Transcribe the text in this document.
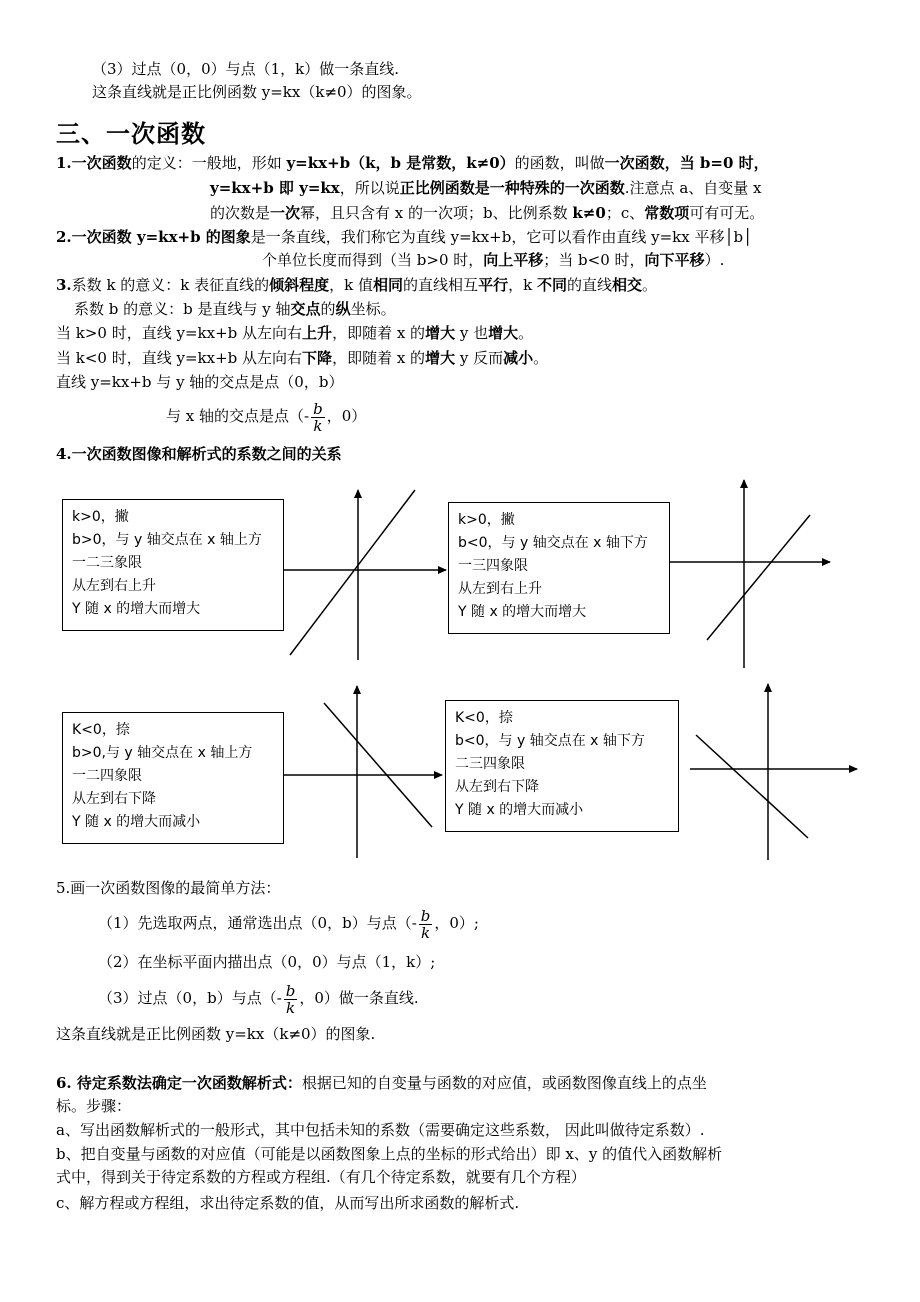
（3）过点（0，0）与点（1，k）做一条直线.
这条直线就是正比例函数 y=kx（k≠0）的图象。
三、一次函数
1.一次函数的定义：一般地，形如 y=kx+b（k，b 是常数，k≠0）的函数，叫做一次函数，当 b=0 时，
y=kx+b 即 y=kx，所以说正比例函数是一种特殊的一次函数.注意点 a、自变量 x
的次数是一次幂，且只含有 x 的一次项；b、比例系数 k≠0；c、常数项可有可无。
2.一次函数 y=kx+b 的图象是一条直线，我们称它为直线 y=kx+b，它可以看作由直线 y=kx 平移│b│
个单位长度而得到（当 b>0 时，向上平移；当 b<0 时，向下平移）.
3.系数 k 的意义：k 表征直线的倾斜程度，k 值相同的直线相互平行，k 不同的直线相交。
系数 b 的意义：b 是直线与 y 轴交点的纵坐标。
当 k>0 时，直线 y=kx+b 从左向右上升，即随着 x 的增大 y 也增大。
当 k<0 时，直线 y=kx+b 从左向右下降，即随着 x 的增大 y 反而减小。
直线 y=kx+b 与 y 轴的交点是点（0，b）
与 x 轴的交点是点（- $\frac{b}{k}$ ，0）
4.一次函数图像和解析式的系数之间的关系
k>0，撇
b>0，与 y 轴交点在 x 轴上方
一二三象限
从左到右上升
Y 随 x 的增大而增大
k>0，撇
b<0，与 y 轴交点在 x 轴下方
一三四象限
从左到右上升
Y 随 x 的增大而增大
K<0，捺
b>0,与 y 轴交点在 x 轴上方
一二四象限
从左到右下降
Y 随 x 的增大而减小
K<0，捺
b<0，与 y 轴交点在 x 轴下方
二三四象限
从左到右下降
Y 随 x 的增大而减小
5.画一次函数图像的最简单方法：
（1）先选取两点，通常选出点（0，b）与点（- $\frac{b}{k}$ ，0）;
（2）在坐标平面内描出点（0，0）与点（1，k）;
（3）过点（0，b）与点（- $\frac{b}{k}$ ，0）做一条直线.
这条直线就是正比例函数 y=kx（k≠0）的图象.
6. 待定系数法确定一次函数解析式：根据已知的自变量与函数的对应值，或函数图像直线上的点坐
标。步骤：
a、写出函数解析式的一般形式，其中包括未知的系数（需要确定这些系数， 因此叫做待定系数）.
b、把自变量与函数的对应值（可能是以函数图象上点的坐标的形式给出）即 x、y 的值代入函数解析
式中，得到关于待定系数的方程或方程组.（有几个待定系数，就要有几个方程）
c、解方程或方程组，求出待定系数的值，从而写出所求函数的解析式.
